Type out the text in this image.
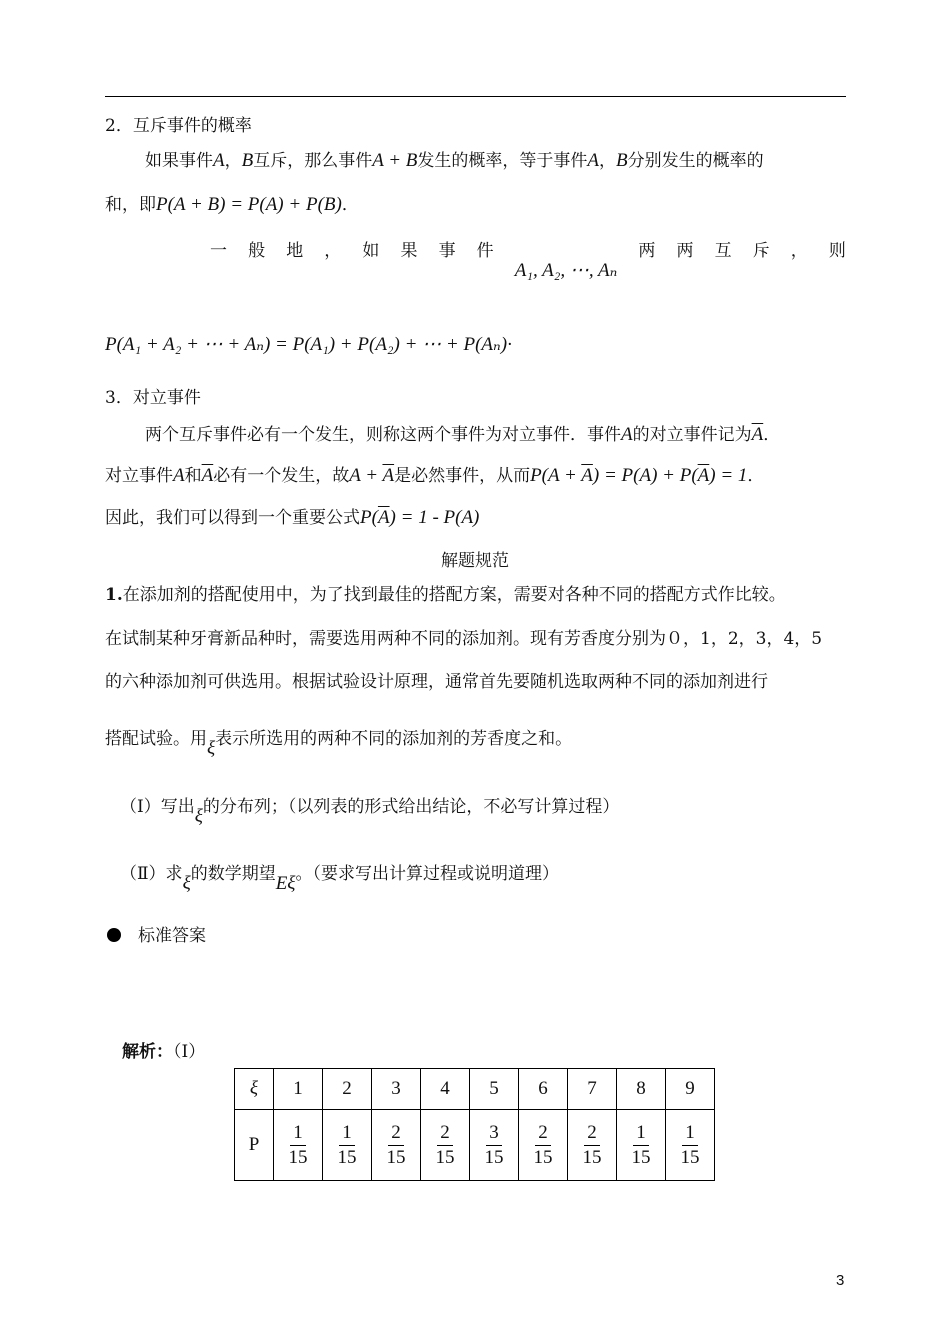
2．互斥事件的概率
如果事件A，B互斥，那么事件A + B发生的概率，等于事件A，B分别发生的概率的
和，即P(A + B) = P(A) + P(B)．
一 般 地 ， 如 果 事 件
A₁, A₂, ⋯, Aₙ
两 两 互 斥 ， 则
P(A₁ + A₂ + ⋯ + Aₙ) = P(A₁) + P(A₂) + ⋯ + P(Aₙ)·
3．对立事件
两个互斥事件必有一个发生，则称这两个事件为对立事件．事件A的对立事件记为$\overline{A}$．
对立事件A和$\overline{A}$必有一个发生，故$A + \overline{A}$是必然事件，从而$P(A + \overline{A}) = P(A) + P(\overline{A}) = 1$．
因此，我们可以得到一个重要公式$P(\overline{A}) = 1 - P(A)$
解题规范
1.在添加剂的搭配使用中，为了找到最佳的搭配方案，需要对各种不同的搭配方式作比较。
在试制某种牙膏新品种时，需要选用两种不同的添加剂。现有芳香度分别为０，1，2，3，4，5
的六种添加剂可供选用。根据试验设计原理，通常首先要随机选取两种不同的添加剂进行
搭配试验。用ξ表示所选用的两种不同的添加剂的芳香度之和。
（Ⅰ）写出ξ的分布列；（以列表的形式给出结论，不必写计算过程）
（Ⅱ）求ξ的数学期望Eξ。（要求写出计算过程或说明道理）
标准答案
解析：（Ⅰ）
ξ	1	2	3	4	5	6	7	8	9
P	$\frac{1}{15}$	$\frac{1}{15}$	$\frac{2}{15}$	$\frac{2}{15}$	$\frac{3}{15}$	$\frac{2}{15}$	$\frac{2}{15}$	$\frac{1}{15}$	$\frac{1}{15}$
3
